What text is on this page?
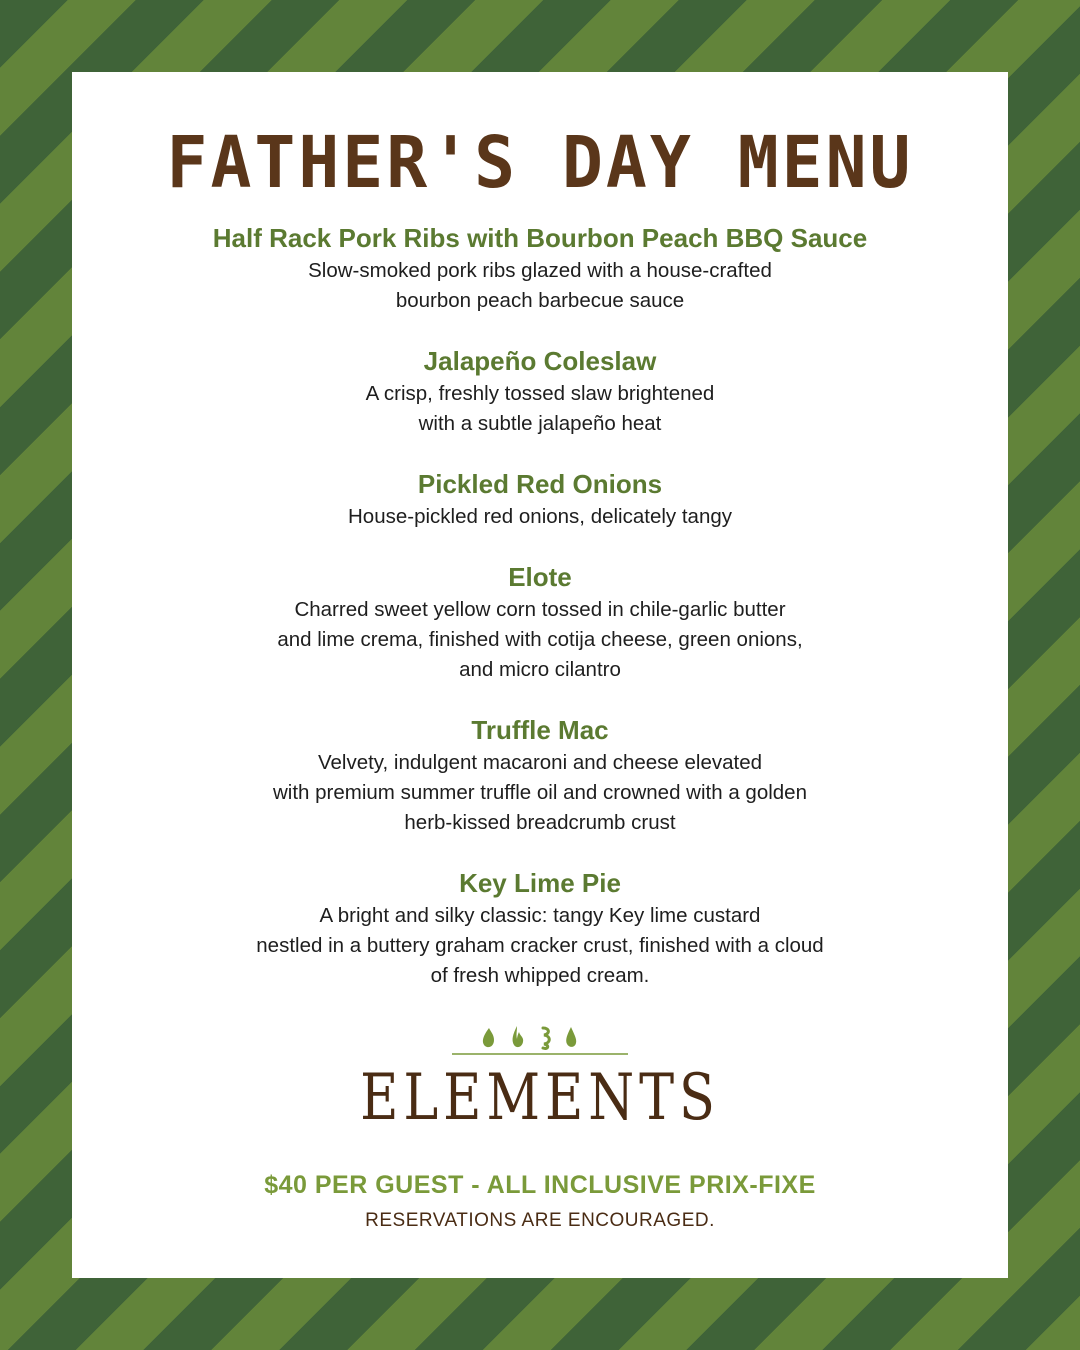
FATHER'S DAY MENU
Half Rack Pork Ribs with Bourbon Peach BBQ Sauce
Slow-smoked pork ribs glazed with a house-crafted
bourbon peach barbecue sauce
Jalapeño Coleslaw
A crisp, freshly tossed slaw brightened
with a subtle jalapeño heat
Pickled Red Onions
House-pickled red onions, delicately tangy
Elote
Charred sweet yellow corn tossed in chile-garlic butter
and lime crema, finished with cotija cheese, green onions,
and micro cilantro
Truffle Mac
Velvety, indulgent macaroni and cheese elevated
with premium summer truffle oil and crowned with a golden
herb-kissed breadcrumb crust
Key Lime Pie
A bright and silky classic: tangy Key lime custard
nestled in a buttery graham cracker crust, finished with a cloud
of fresh whipped cream.
ELEMENTS
$40 PER GUEST - ALL INCLUSIVE PRIX-FIXE
RESERVATIONS ARE ENCOURAGED.
